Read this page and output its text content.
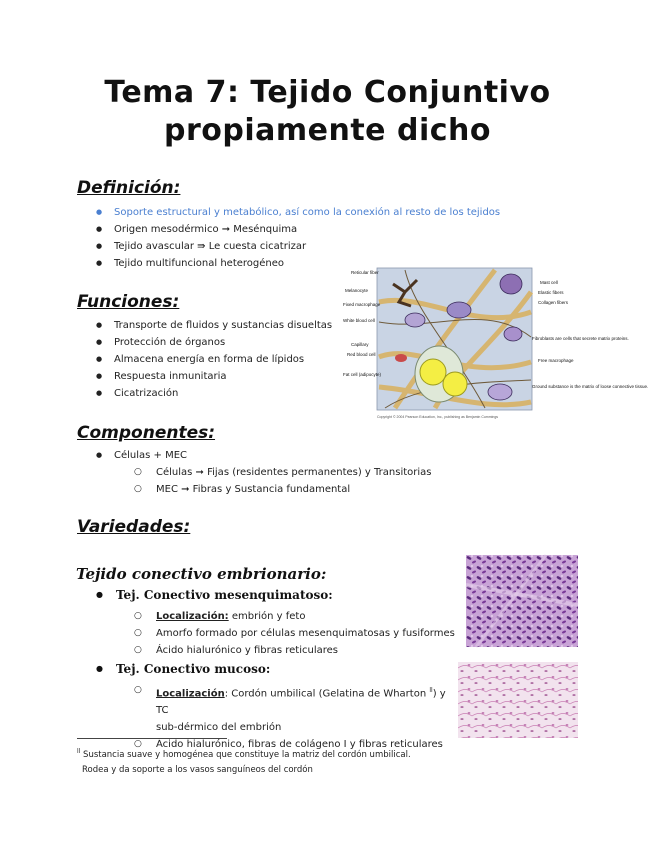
Tema 7: Tejido Conjuntivo
propiamente dicho
Definición:
● Soporte estructural y metabólico, así como la conexión al resto de los tejidos
● Origen mesodérmico ➞ Mesénquima
● Tejido avascular ⇛ Le cuesta cicatrizar
● Tejido multifuncional heterogéneo
Funciones:
● Transporte de fluidos y sustancias disueltas
● Protección de órganos
● Almacena energía en forma de lípidos
● Respuesta inmunitaria
● Cicatrización
Reticular fiber
Melanocyte
Fixed macrophage
White blood cell
Capillary
Red blood cell
Fat cell (adipocyte)
Mast cell
Elastic fibers
Collagen fibers
Fibroblasts are cells that secrete matrix proteins.
Free macrophage
Ground substance is the matrix of loose connective tissue.
Copyright © 2004 Pearson Education, Inc., publishing as Benjamin Cummings
Componentes:
● Células + MEC
○ Células ➞ Fijas (residentes permanentes) y Transitorias
○ MEC ➞ Fibras y Sustancia fundamental
Variedades:
Tejido conectivo embrionario:
● Tej. Conectivo mesenquimatoso:
○ Localización: embrión y feto
○ Amorfo formado por células mesenquimatosas y fusiformes
○ Ácido hialurónico y fibras reticulares
● Tej. Conectivo mucoso:
○ Localización: Cordón umbilical (Gelatina de Wharton $^{ll}$) y TC
sub-dérmico del embrión
○ Ácido hialurónico, fibras de colágeno I y fibras reticulares
$^{ll}$ Sustancia suave y homogénea que constituye la matriz del cordón umbilical.
Rodea y da soporte a los vasos sanguíneos del cordón
